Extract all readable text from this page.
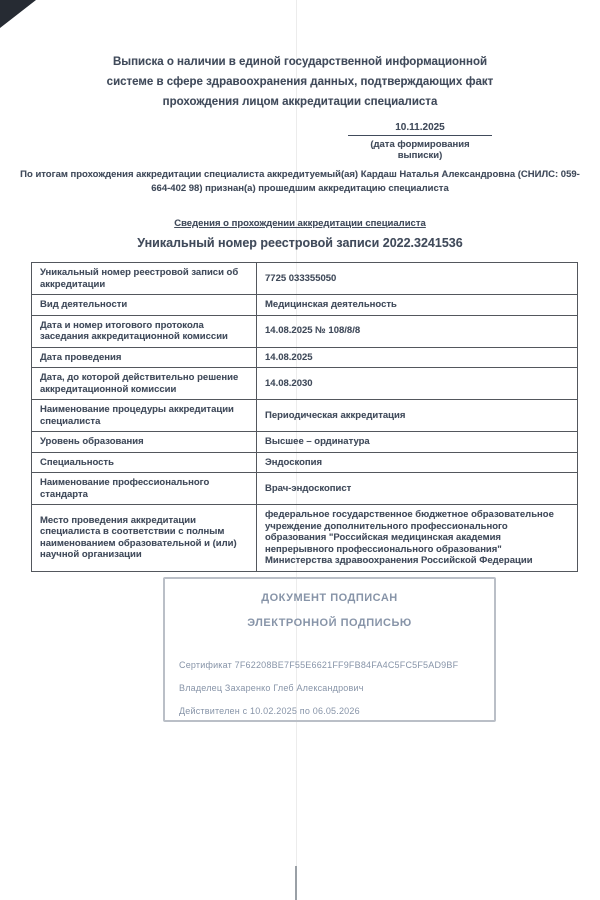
Выписка о наличии в единой государственной информационной
системе в сфере здравоохранения данных, подтверждающих факт
прохождения лицом аккредитации специалиста
10.11.2025
(дата формирования выписки)
По итогам прохождения аккредитации специалиста аккредитуемый(ая) Кардаш Наталья Александровна (СНИЛС: 059-
664-402 98) признан(а) прошедшим аккредитацию специалиста
Сведения о прохождении аккредитации специалиста
Уникальный номер реестровой записи 2022.3241536
Уникальный номер реестровой записи об аккредитации	7725 033355050
Вид деятельности	Медицинская деятельность
Дата и номер итогового протокола заседания аккредитационной комиссии	14.08.2025 № 108/8/8
Дата проведения	14.08.2025
Дата, до которой действительно решение аккредитационной комиссии	14.08.2030
Наименование процедуры аккредитации специалиста	Периодическая аккредитация
Уровень образования	Высшее – ординатура
Специальность	Эндоскопия
Наименование профессионального стандарта	Врач-эндоскопист
Место проведения аккредитации специалиста в соответствии с полным наименованием образовательной и (или) научной организации	федеральное государственное бюджетное образовательное учреждение дополнительного профессионального образования "Российская медицинская академия непрерывного профессионального образования" Министерства здравоохранения Российской Федерации
ДОКУМЕНТ ПОДПИСАН
ЭЛЕКТРОННОЙ ПОДПИСЬЮ
Сертификат 7F62208BE7F55E6621FF9FB84FA4C5FC5F5AD9BF
Владелец Захаренко Глеб Александрович
Действителен с 10.02.2025 по 06.05.2026
